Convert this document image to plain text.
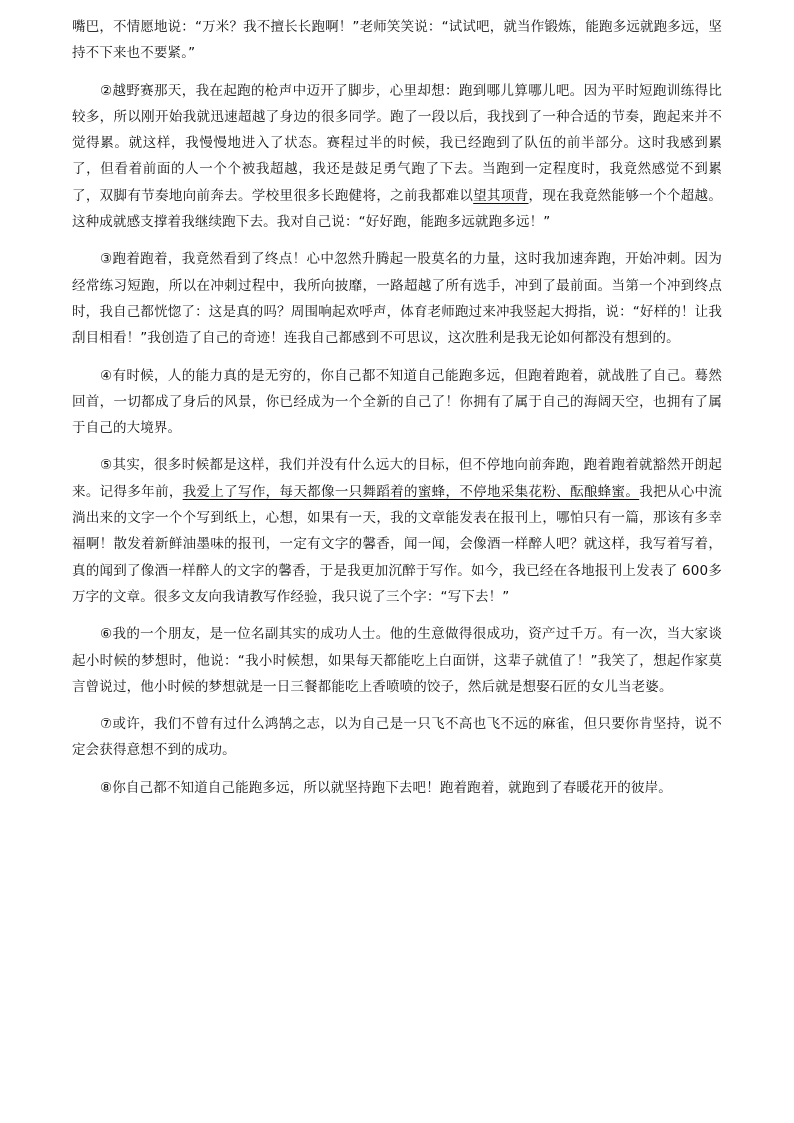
嘴巴，不情愿地说：“万米？我不擅长长跑啊！”老师笑笑说：“试试吧，就当作锻炼，能跑多远就跑多远，坚持不下来也不要紧。”

②越野赛那天，我在起跑的枪声中迈开了脚步，心里却想：跑到哪儿算哪儿吧。因为平时短跑训练得比较多，所以刚开始我就迅速超越了身边的很多同学。跑了一段以后，我找到了一种合适的节奏，跑起来并不觉得累。就这样，我慢慢地进入了状态。赛程过半的时候，我已经跑到了队伍的前半部分。这时我感到累了，但看着前面的人一个个被我超越，我还是鼓足勇气跑了下去。当跑到一定程度时，我竟然感觉不到累了，双脚有节奏地向前奔去。学校里很多长跑健将，之前我都难以望其项背，现在我竟然能够一个个超越。这种成就感支撑着我继续跑下去。我对自己说：“好好跑，能跑多远就跑多远！”

③跑着跑着，我竟然看到了终点！心中忽然升腾起一股莫名的力量，这时我加速奔跑，开始冲刺。因为经常练习短跑，所以在冲刺过程中，我所向披靡，一路超越了所有选手，冲到了最前面。当第一个冲到终点时，我自己都恍惚了：这是真的吗？周围响起欢呼声，体育老师跑过来冲我竖起大拇指，说：“好样的！让我刮目相看！”我创造了自己的奇迹！连我自己都感到不可思议，这次胜利是我无论如何都没有想到的。

④有时候，人的能力真的是无穷的，你自己都不知道自己能跑多远，但跑着跑着，就战胜了自己。蓦然回首，一切都成了身后的风景，你已经成为一个全新的自己了！你拥有了属于自己的海阔天空，也拥有了属于自己的大境界。

⑤其实，很多时候都是这样，我们并没有什么远大的目标，但不停地向前奔跑，跑着跑着就豁然开朗起来。记得多年前，我爱上了写作，每天都像一只舞蹈着的蜜蜂，不停地采集花粉、酝酿蜂蜜。我把从心中流淌出来的文字一个个写到纸上，心想，如果有一天，我的文章能发表在报刊上，哪怕只有一篇，那该有多幸福啊！散发着新鲜油墨味的报刊，一定有文字的馨香，闻一闻，会像酒一样醉人吧？就这样，我写着写着，真的闻到了像酒一样醉人的文字的馨香，于是我更加沉醉于写作。如今，我已经在各地报刊上发表了 600多万字的文章。很多文友向我请教写作经验，我只说了三个字：“写下去！”

⑥我的一个朋友，是一位名副其实的成功人士。他的生意做得很成功，资产过千万。有一次，当大家谈起小时候的梦想时，他说：“我小时候想，如果每天都能吃上白面饼，这辈子就值了！”我笑了，想起作家莫言曾说过，他小时候的梦想就是一日三餐都能吃上香喷喷的饺子，然后就是想娶石匠的女儿当老婆。

⑦或许，我们不曾有过什么鸿鹄之志，以为自己是一只飞不高也飞不远的麻雀，但只要你肯坚持，说不定会获得意想不到的成功。

⑧你自己都不知道自己能跑多远，所以就坚持跑下去吧！跑着跑着，就跑到了春暖花开的彼岸。
